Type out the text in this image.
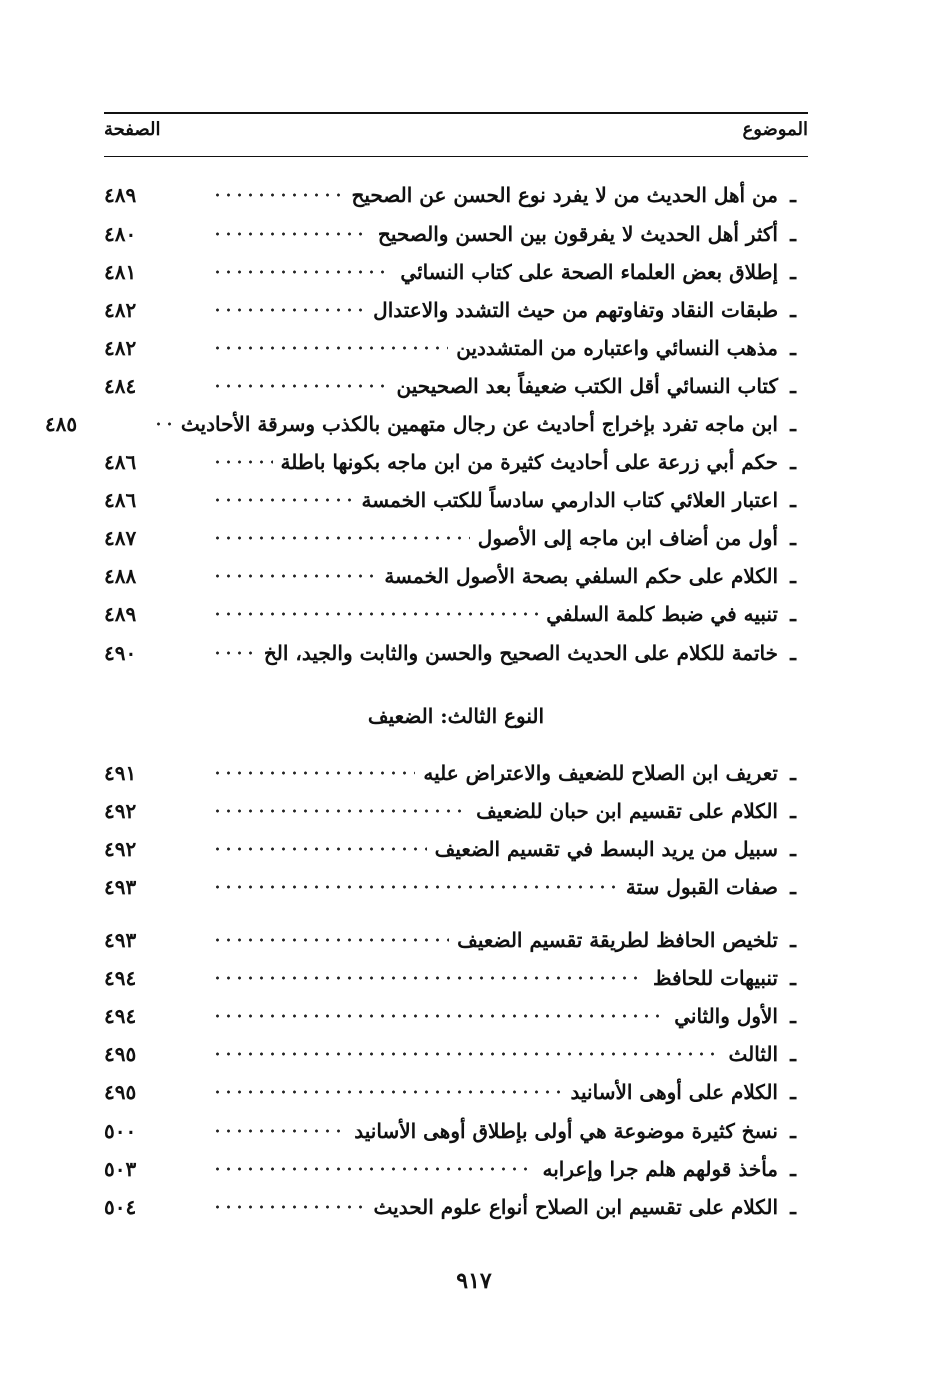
الموضوع
الصفحة
ـ
من أهل الحديث من لا يفرد نوع الحسن عن الصحيح
٤٨٩
ـ
أكثر أهل الحديث لا يفرقون بين الحسن والصحيح
٤٨٠
ـ
إطلاق بعض العلماء الصحة على كتاب النسائي
٤٨١
ـ
طبقات النقاد وتفاوتهم من حيث التشدد والاعتدال
٤٨٢
ـ
مذهب النسائي واعتباره من المتشددين
٤٨٢
ـ
كتاب النسائي أقل الكتب ضعيفاً بعد الصحيحين
٤٨٤
ـ
ابن ماجه تفرد بإخراج أحاديث عن رجال متهمين بالكذب وسرقة الأحاديث
٤٨٥
ـ
حكم أبي زرعة على أحاديث كثيرة من ابن ماجه بكونها باطلة
٤٨٦
ـ
اعتبار العلائي كتاب الدارمي سادساً للكتب الخمسة
٤٨٦
ـ
أول من أضاف ابن ماجه إلى الأصول
٤٨٧
ـ
الكلام على حكم السلفي بصحة الأصول الخمسة
٤٨٨
ـ
تنبيه في ضبط كلمة السلفي
٤٨٩
ـ
خاتمة للكلام على الحديث الصحيح والحسن والثابت والجيد، الخ
٤٩٠
ـ
تعريف ابن الصلاح للضعيف والاعتراض عليه
٤٩١
ـ
الكلام على تقسيم ابن حبان للضعيف
٤٩٢
ـ
سبيل من يريد البسط في تقسيم الضعيف
٤٩٢
ـ
صفات القبول ستة
٤٩٣
ـ
تلخيص الحافظ لطريقة تقسيم الضعيف
٤٩٣
ـ
تنبيهات للحافظ
٤٩٤
ـ
الأول والثاني
٤٩٤
ـ
الثالث
٤٩٥
ـ
الكلام على أوهى الأسانيد
٤٩٥
ـ
نسخ كثيرة موضوعة هي أولى بإطلاق أوهى الأسانيد
٥٠٠
ـ
مأخذ قولهم هلم جرا وإعرابه
٥٠٣
ـ
الكلام على تقسيم ابن الصلاح أنواع علوم الحديث
٥٠٤
النوع الثالث: الضعيف
٩١٧
